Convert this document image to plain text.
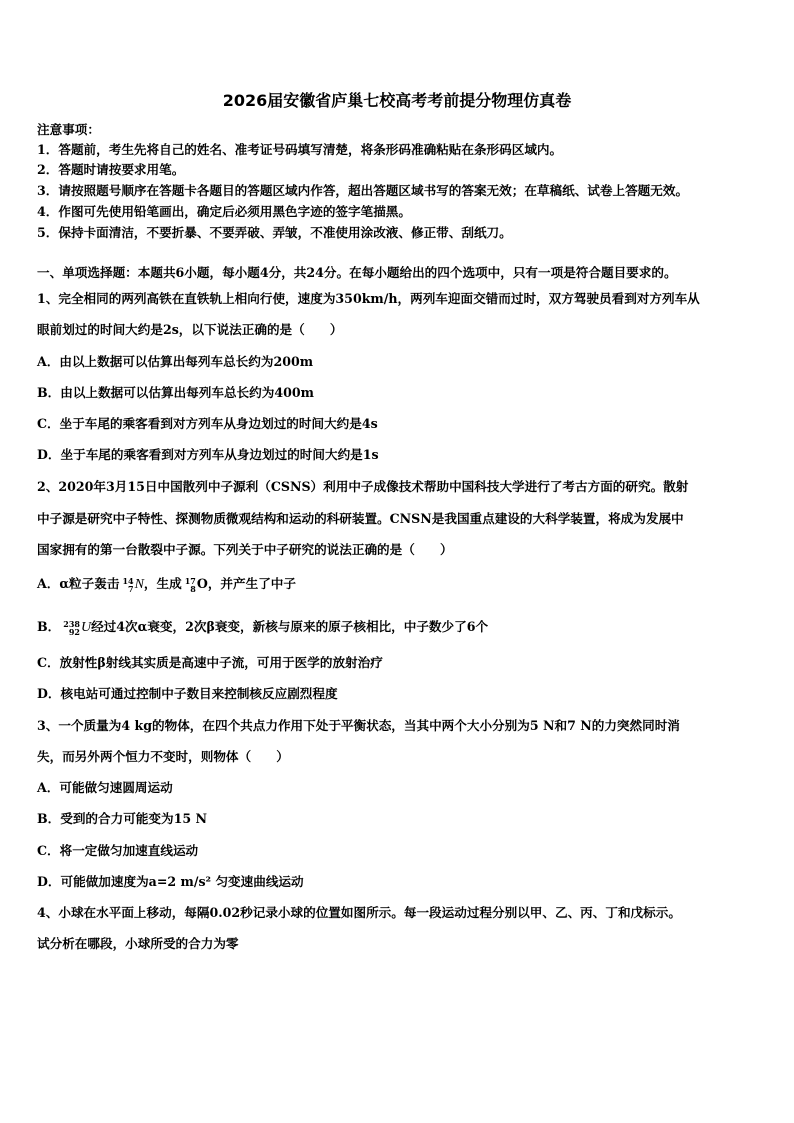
2026届安徽省庐巢七校高考考前提分物理仿真卷
注意事项：
1．答题前，考生先将自己的姓名、准考证号码填写清楚，将条形码准确粘贴在条形码区域内。
2．答题时请按要求用笔。
3．请按照题号顺序在答题卡各题目的答题区域内作答，超出答题区域书写的答案无效；在草稿纸、试卷上答题无效。
4．作图可先使用铅笔画出，确定后必须用黑色字迹的签字笔描黑。
5．保持卡面清洁，不要折暴、不要弄破、弄皱，不准使用涂改液、修正带、刮纸刀。
一、单项选择题：本题共6小题，每小题4分，共24分。在每小题给出的四个选项中，只有一项是符合题目要求的。
1、完全相同的两列高铁在直铁轨上相向行使，速度为350km/h，两列车迎面交错而过时，双方驾驶员看到对方列车从
眼前划过的时间大约是2s，以下说法正确的是（　　）
A．由以上数据可以估算出每列车总长约为200m
B．由以上数据可以估算出每列车总长约为400m
C．坐于车尾的乘客看到对方列车从身边划过的时间大约是4s
D．坐于车尾的乘客看到对方列车从身边划过的时间大约是1s
2、2020年3月15日中国散列中子源利（CSNS）利用中子成像技术帮助中国科技大学进行了考古方面的研究。散射
中子源是研究中子特性、探测物质微观结构和运动的科研装置。CNSN是我国重点建设的大科学装置，将成为发展中
国家拥有的第一台散裂中子源。下列关于中子研究的说法正确的是（　　）
A．α粒子轰击 14
7 N，生成 17
8 O，并产生了中子
B． 238
92 U经过4次α衰变，2次β衰变，新核与原来的原子核相比，中子数少了6个
C．放射性β射线其实质是高速中子流，可用于医学的放射治疗
D．核电站可通过控制中子数目来控制核反应剧烈程度
3、一个质量为4 kg的物体，在四个共点力作用下处于平衡状态，当其中两个大小分别为5 N和7 N的力突然同时消
失，而另外两个恒力不变时，则物体（　　）
A．可能做匀速圆周运动
B．受到的合力可能变为15 N
C．将一定做匀加速直线运动
D．可能做加速度为a=2 m/s² 匀变速曲线运动
4、小球在水平面上移动，每隔0.02秒记录小球的位置如图所示。每一段运动过程分别以甲、乙、丙、丁和戊标示。
试分析在哪段，小球所受的合力为零
